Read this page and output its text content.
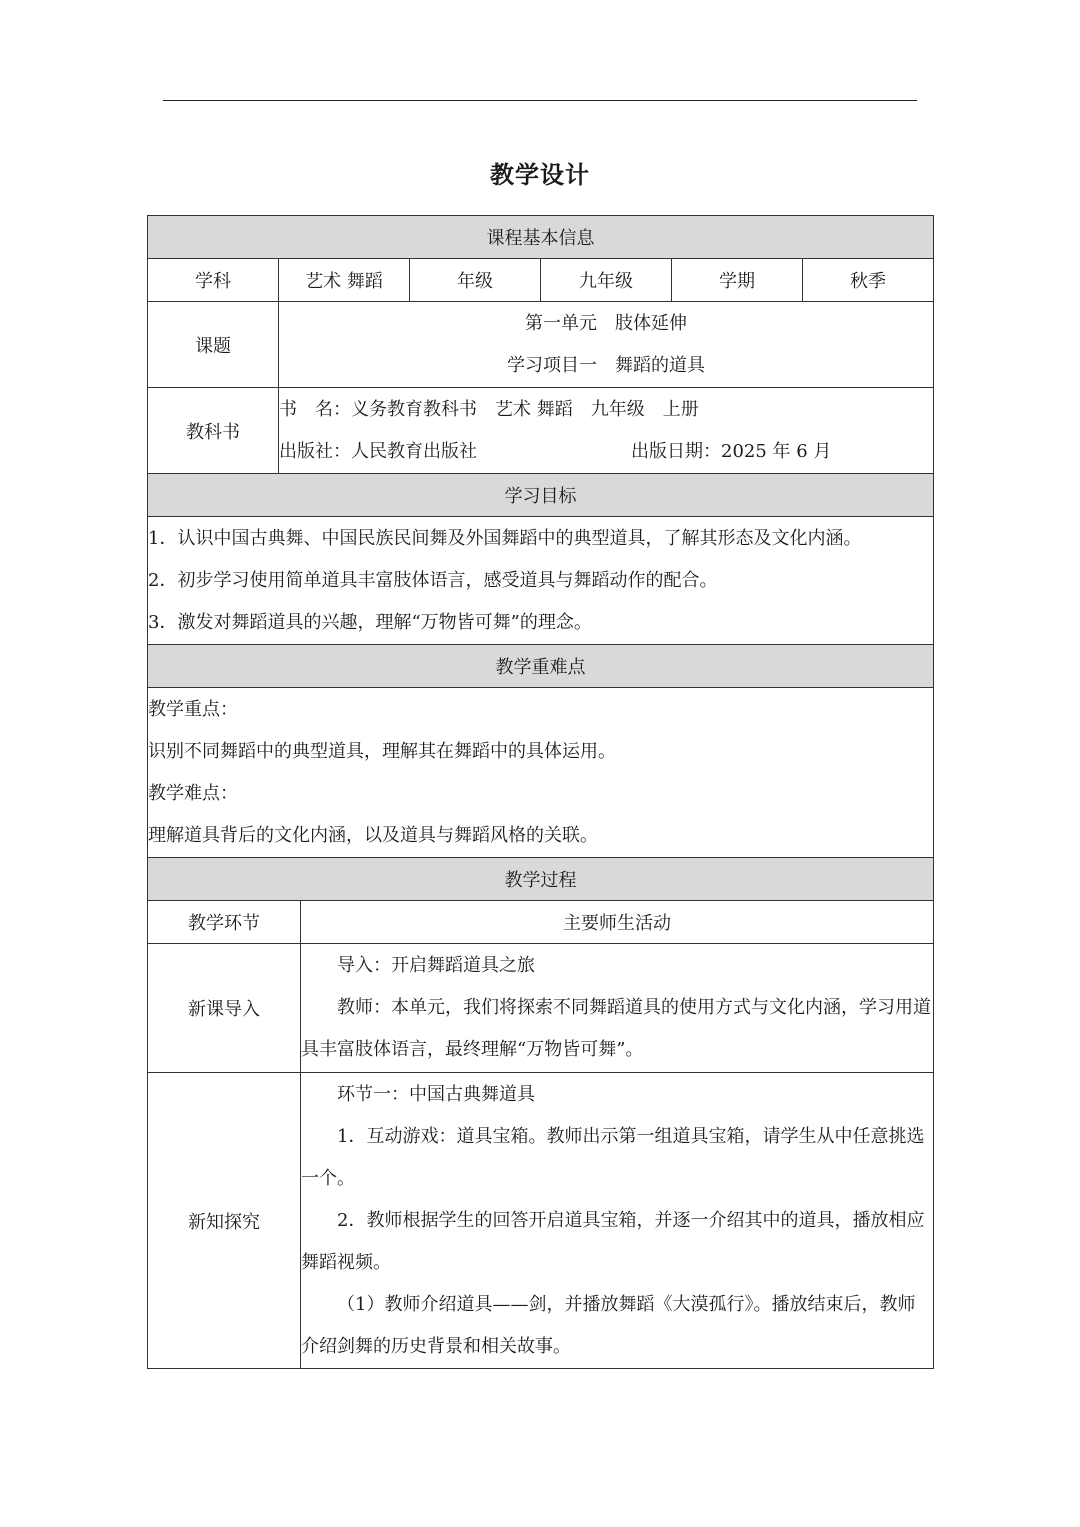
教学设计
课程基本信息						
学科	艺术 舞蹈		年级	九年级	学期	秋季
课题	第一单元　肢体延伸
学习项目一　舞蹈的道具					

教科书	书　名：义务教育教科书　艺术 舞蹈　九年级　上册
出版社：人民教育出版社 出版日期：2025 年 6 月					

学习目标						

1．认识中国古典舞、中国民族民间舞及外国舞蹈中的典型道具，了解其形态及文化内涵。
2．初步学习使用简单道具丰富肢体语言，感受道具与舞蹈动作的配合。
3．激发对舞蹈道具的兴趣，理解“万物皆可舞”的理念。						

教学重难点						

教学重点：
识别不同舞蹈中的典型道具，理解其在舞蹈中的具体运用。
教学难点：
理解道具背后的文化内涵，以及道具与舞蹈风格的关联。						

教学过程						
教学环节		主要师生活动				
新课导入		导入：开启舞蹈道具之旅
教师：本单元，我们将探索不同舞蹈道具的使用方式与文化内涵，学习用道具丰富肢体语言，最终理解“万物皆可舞”。				

新知探究		环节一：中国古典舞道具
1．互动游戏：道具宝箱。教师出示第一组道具宝箱，请学生从中任意挑选一个。
2．教师根据学生的回答开启道具宝箱，并逐一介绍其中的道具，播放相应舞蹈视频。
（1）教师介绍道具——剑，并播放舞蹈《大漠孤行》。播放结束后，教师介绍剑舞的历史背景和相关故事。				
